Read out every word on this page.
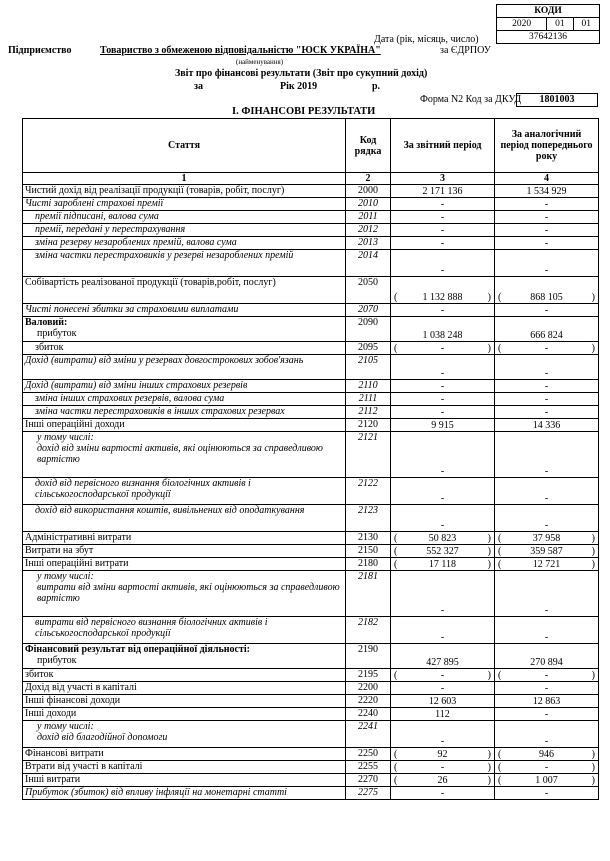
КОДИ
2020	01	01
37642136
Дата (рік, місяць, число)
Підприємство	Товариство з обмеженою відповідальністю "ЮСК УКРАЇНА"
(найменування)
за ЄДРПОУ
Звіт про фінансові результати (Звіт про сукупний дохід)
за	Рік 2019	р.
Форма N2 Код за ДКУД	1801003
I. ФІНАНСОВІ РЕЗУЛЬТАТИ
Стаття	Код рядка	За звітний період	За аналогічний період попереднього року
1	2	3	4
Чистий дохід від реалізації продукції (товарів, робіт, послуг)	2000	2 171 136	1 534 929

Чисті зароблені страхові премії	2010	-	-

премії підписані, валова сума	2011	-	-

премії, передані у перестрахування	2012	-	-

зміна резерву незароблених премій, валова сума	2013	-	-

зміна частки перестраховиків у резерві незароблених премій	2014	-	-

Собівартість реалізованої продукції (товарів,робіт, послуг)	2050	( 1 132 888 )	( 868 105 )

Чисті понесені збитки за страховими виплатами	2070	-	-

Валовий:
прибуток	2090	1 038 248	666 824

збиток	2095	( - )	( - )

Дохід (витрати) від зміни у резервах довгострокових зобов'язань	2105	-	-

Дохід (витрати) від зміни інших страхових резервів	2110	-	-

зміна інших страхових резервів, валова сума	2111	-	-

зміна частки перестраховиків в інших страхових резервах	2112	-	-

Інші операційні доходи	2120	9 915	14 336

у тому числі:
дохід від зміни вартості активів, які оцінюються за справедливою вартістю	2121	-	-

дохід від первісного визнання біологічних активів і сільськогосподарської продукції	2122	-	-

дохід від використання коштів, вивільнених від оподаткування	2123	-	-

Адміністративні витрати	2130	( 50 823 )	( 37 958 )

Витрати на збут	2150	( 552 327 )	( 359 587 )

Інші операційні витрати	2180	( 17 118 )	( 12 721 )

у тому числі:
витрати від зміни вартості активів, які оцінюються за справедливою вартістю	2181	-	-

витрати від первісного визнання біологічних активів і сільськогосподарської продукції	2182	-	-

Фінансовий результат від операційної діяльності:
прибуток	2190	427 895	270 894

збиток	2195	( - )	( - )

Дохід від участі в капіталі	2200	-	-

Інші фінансові доходи	2220	12 603	12 863

Інші доходи	2240	112	-

у тому числі:
дохід від благодійної допомоги	2241	-	-

Фінансові витрати	2250	( 92 )	( 946 )

Втрати від участі в капіталі	2255	( - )	( - )

Інші витрати	2270	( 26 )	( 1 007 )

Прибуток (збиток) від впливу інфляції на монетарні статті	2275	-	-
